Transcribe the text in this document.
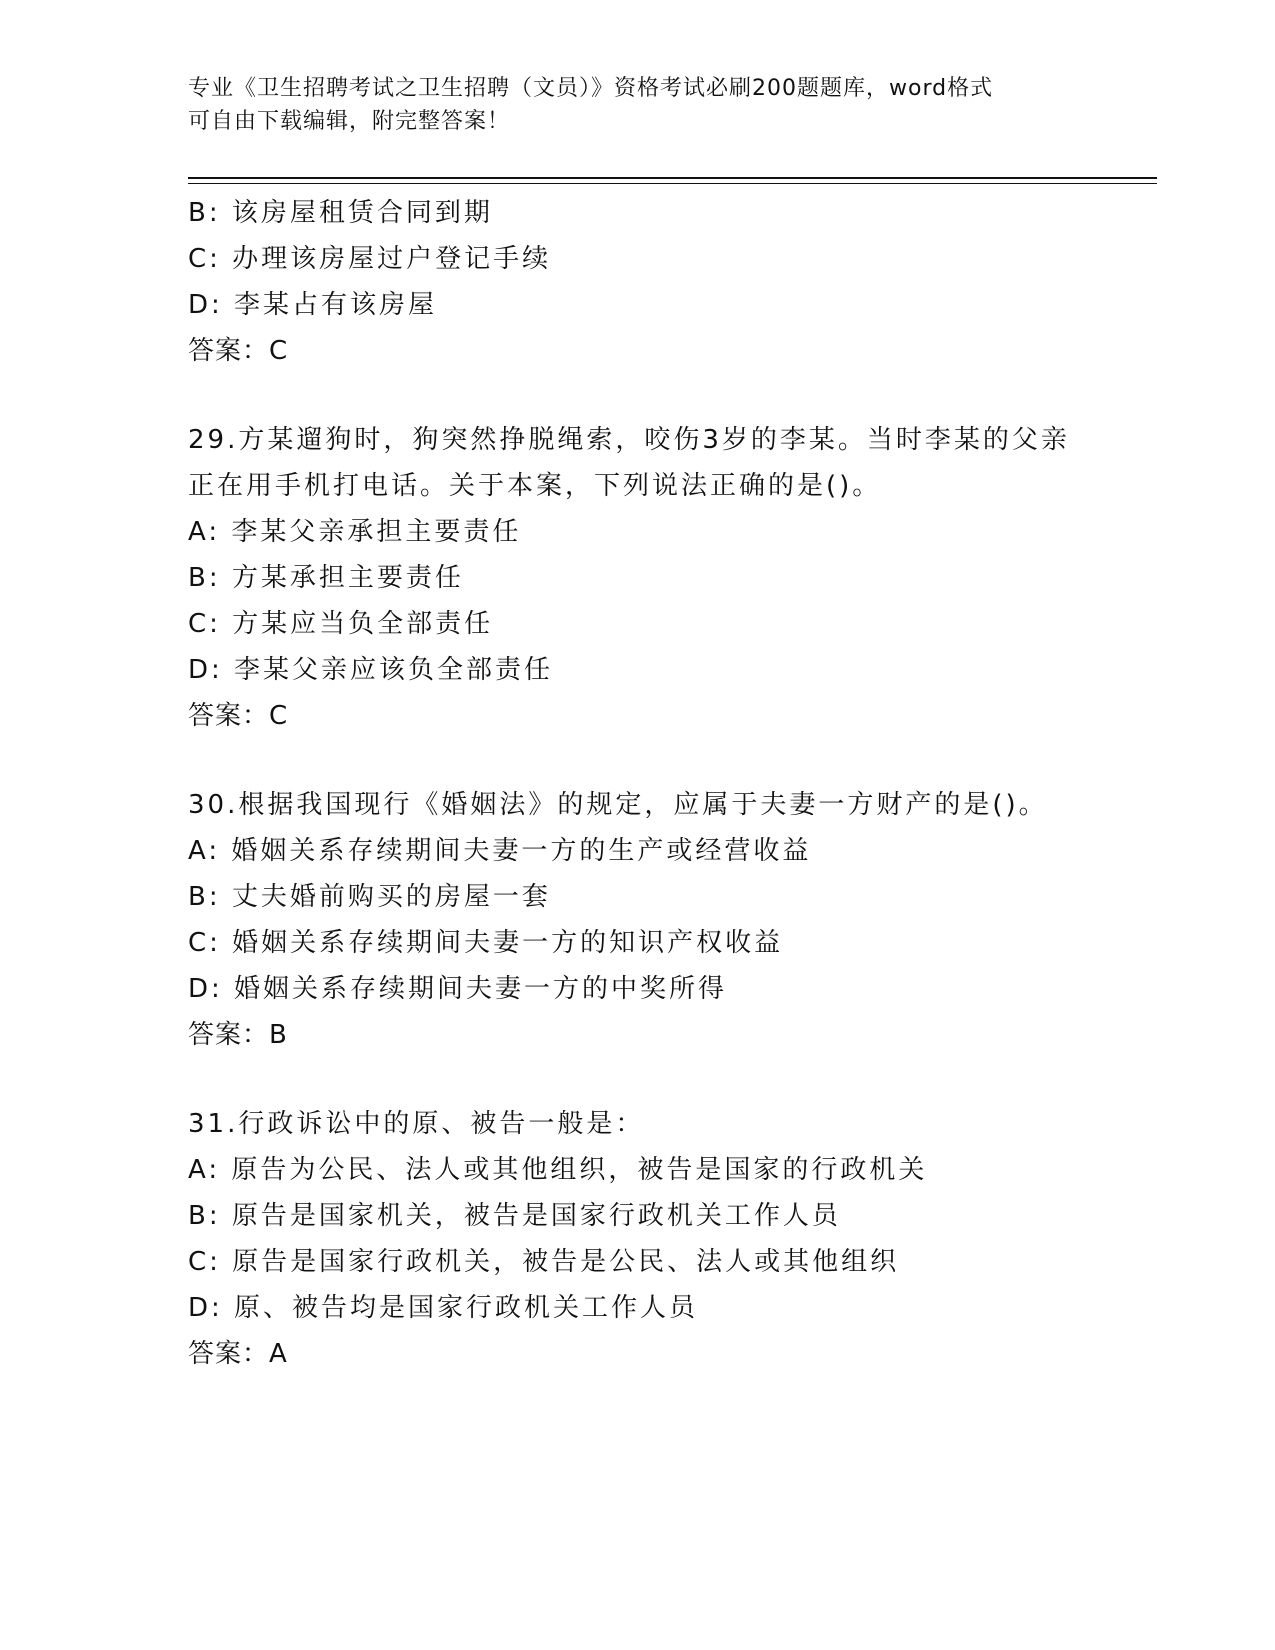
专业《卫生招聘考试之卫生招聘（文员）》资格考试必刷200题题库，word格式
可自由下载编辑，附完整答案！
B: 该房屋租赁合同到期
C: 办理该房屋过户登记手续
D: 李某占有该房屋
答案：C
29.方某遛狗时，狗突然挣脱绳索，咬伤3岁的李某。当时李某的父亲
正在用手机打电话。关于本案，下列说法正确的是()。
A: 李某父亲承担主要责任
B: 方某承担主要责任
C: 方某应当负全部责任
D: 李某父亲应该负全部责任
答案：C
30.根据我国现行《婚姻法》的规定，应属于夫妻一方财产的是()。
A: 婚姻关系存续期间夫妻一方的生产或经营收益
B: 丈夫婚前购买的房屋一套
C: 婚姻关系存续期间夫妻一方的知识产权收益
D: 婚姻关系存续期间夫妻一方的中奖所得
答案：B
31.行政诉讼中的原、被告一般是：
A: 原告为公民、法人或其他组织，被告是国家的行政机关
B: 原告是国家机关，被告是国家行政机关工作人员
C: 原告是国家行政机关，被告是公民、法人或其他组织
D: 原、被告均是国家行政机关工作人员
答案：A
